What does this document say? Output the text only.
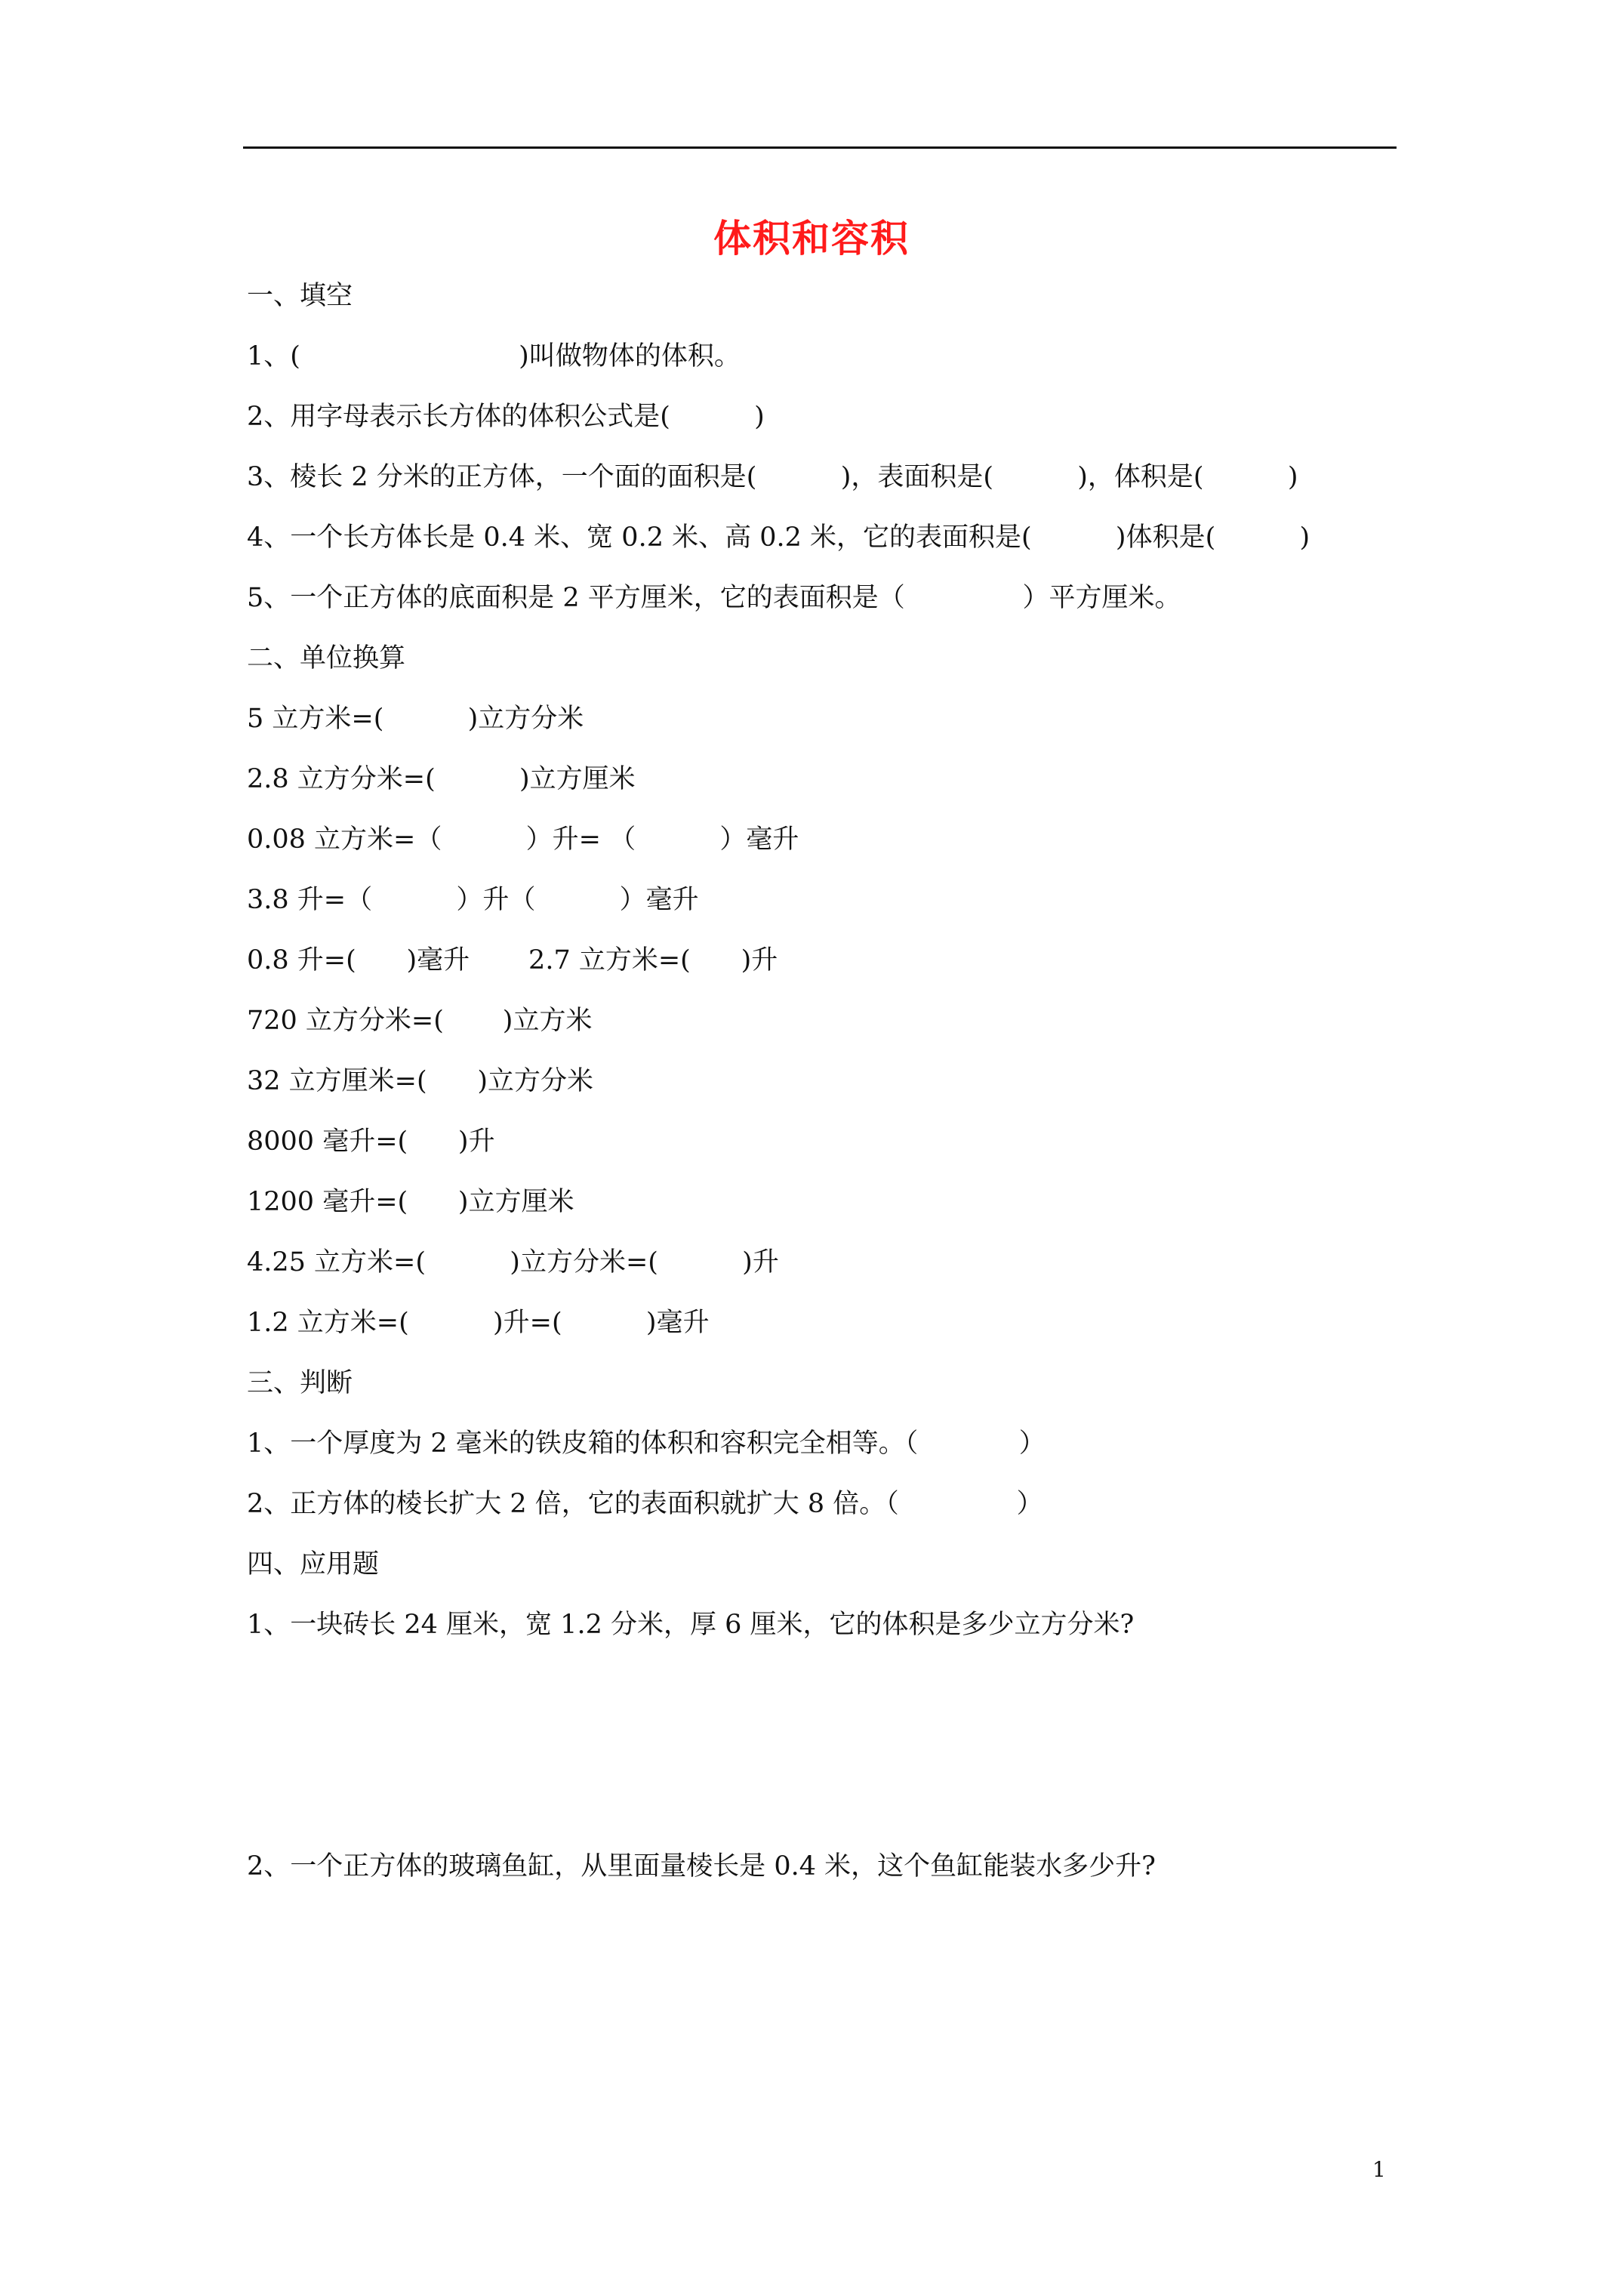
体积和容积
一、填空
1、(                          )叫做物体的体积。
2、用字母表示长方体的体积公式是(          )
3、棱长 2 分米的正方体，一个面的面积是(          )，表面积是(          )，体积是(          )
4、一个长方体长是 0.4 米、宽 0.2 米、高 0.2 米，它的表面积是(          )体积是(          )
5、一个正方体的底面积是 2 平方厘米，它的表面积是（              ）平方厘米。
二、单位换算
5 立方米=(          )立方分米
2.8 立方分米=(          )立方厘米
0.08 立方米=（          ）升= （          ）毫升
3.8 升=（          ）升（          ）毫升
0.8 升=(      )毫升       2.7 立方米=(      )升
720 立方分米=(       )立方米
32 立方厘米=(      )立方分米
8000 毫升=(      )升
1200 毫升=(      )立方厘米
4.25 立方米=(          )立方分米=(          )升
1.2 立方米=(          )升=(          )毫升
三、判断
1、一个厚度为 2 毫米的铁皮箱的体积和容积完全相等。（            ）
2、正方体的棱长扩大 2 倍，它的表面积就扩大 8 倍。（              ）
四、应用题
1、一块砖长 24 厘米，宽 1.2 分米，厚 6 厘米，它的体积是多少立方分米?
2、一个正方体的玻璃鱼缸，从里面量棱长是 0.4 米，这个鱼缸能装水多少升?
1
